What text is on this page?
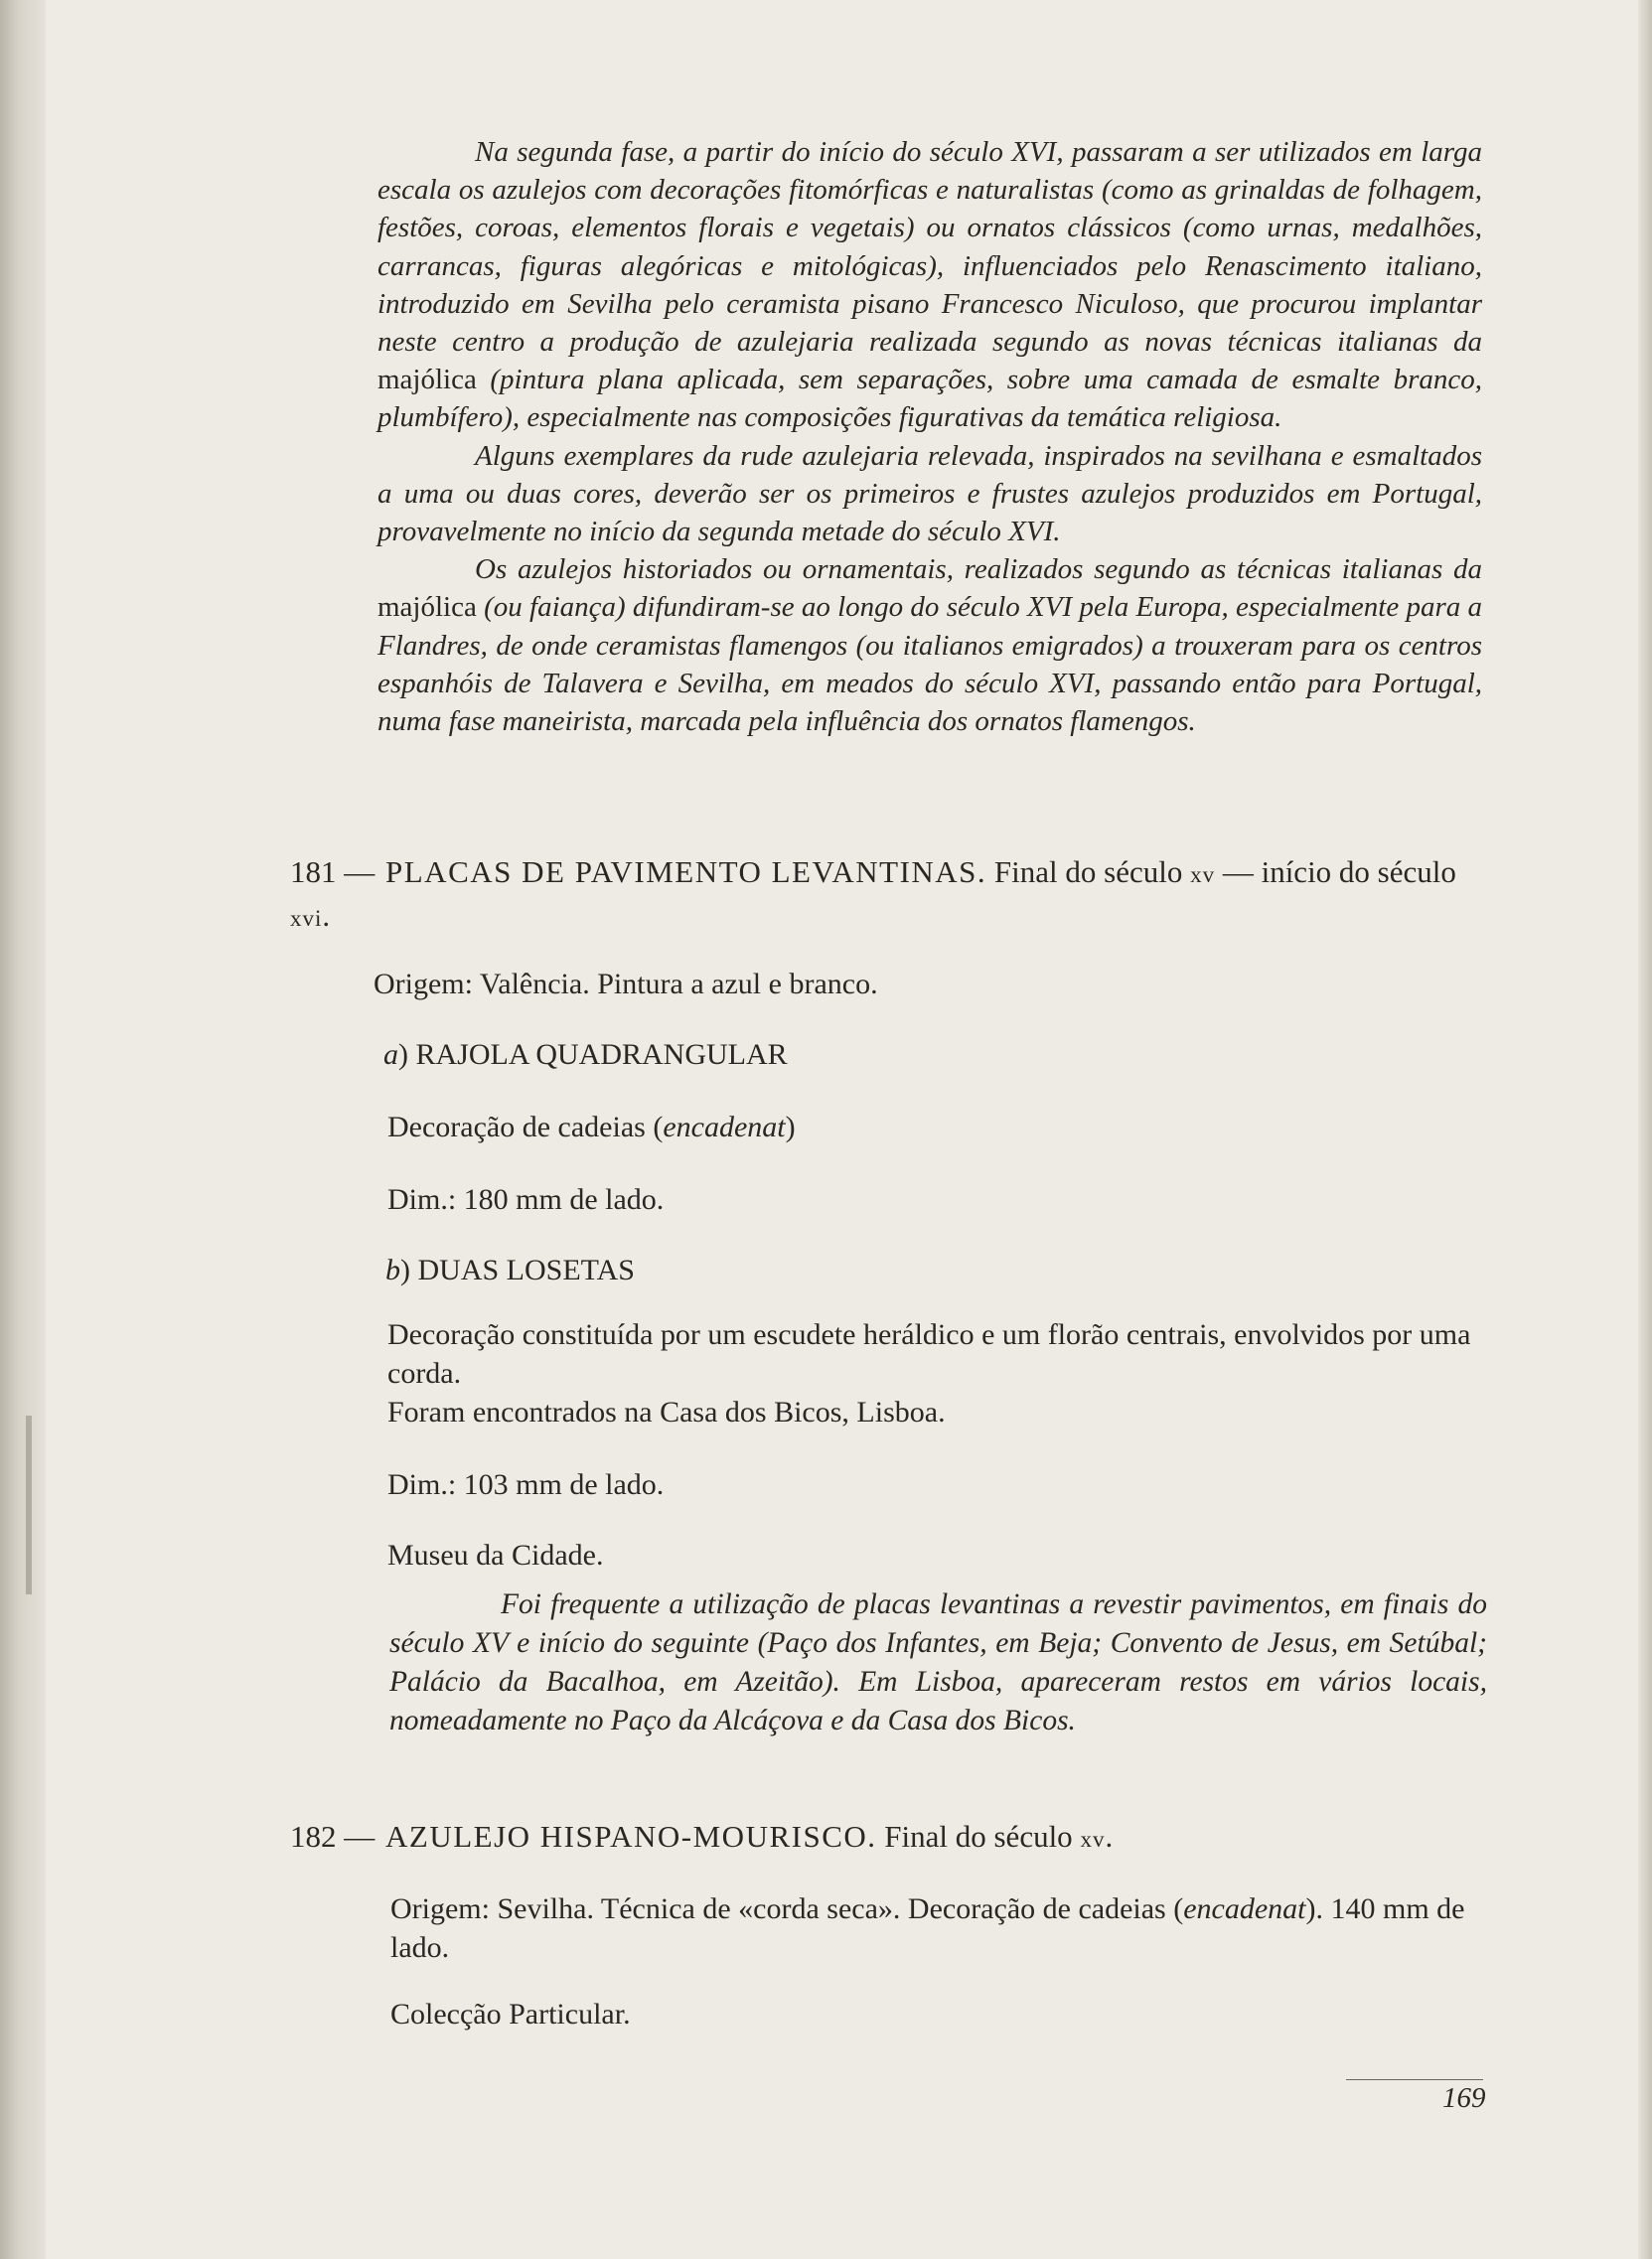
Na segunda fase, a partir do início do século XVI, passaram a ser utilizados em larga escala os azulejos com decorações fitomórficas e naturalistas (como as grinaldas de folhagem, festões, coroas, elementos florais e vegetais) ou ornatos clássicos (como urnas, medalhões, carrancas, figuras alegóricas e mitológicas), influenciados pelo Renascimento italiano, introduzido em Sevilha pelo ceramista pisano Francesco Niculoso, que procurou implantar neste centro a produção de azulejaria realizada segundo as novas técnicas italianas da majólica (pintura plana aplicada, sem separações, sobre uma camada de esmalte branco, plumbífero), especialmente nas composições figurativas da temática religiosa.

Alguns exemplares da rude azulejaria relevada, inspirados na sevilhana e esmaltados a uma ou duas cores, deverão ser os primeiros e frustes azulejos produzidos em Portugal, provavelmente no início da segunda metade do século XVI.

Os azulejos historiados ou ornamentais, realizados segundo as técnicas italianas da majólica (ou faiança) difundiram-se ao longo do século XVI pela Europa, especialmente para a Flandres, de onde ceramistas flamengos (ou italianos emigrados) a trouxeram para os centros espanhóis de Talavera e Sevilha, em meados do século XVI, passando então para Portugal, numa fase maneirista, marcada pela influência dos ornatos flamengos.

181 — PLACAS DE PAVIMENTO LEVANTINAS. Final do século xv — início do século xvi.
Origem: Valência. Pintura a azul e branco.
a) RAJOLA QUADRANGULAR
Decoração de cadeias (encadenat)
Dim.: 180 mm de lado.
b) DUAS LOSETAS
Decoração constituída por um escudete heráldico e um florão centrais, envolvidos por uma corda.
Foram encontrados na Casa dos Bicos, Lisboa.
Dim.: 103 mm de lado.
Museu da Cidade.

Foi frequente a utilização de placas levantinas a revestir pavimentos, em finais do século XV e início do seguinte (Paço dos Infantes, em Beja; Convento de Jesus, em Setúbal; Palácio da Bacalhoa, em Azeitão). Em Lisboa, apareceram restos em vários locais, nomeadamente no Paço da Alcáçova e da Casa dos Bicos.

182 — AZULEJO HISPANO-MOURISCO. Final do século xv.
Origem: Sevilha. Técnica de «corda seca». Decoração de cadeias (encadenat). 140 mm de lado.
Colecção Particular.
169
